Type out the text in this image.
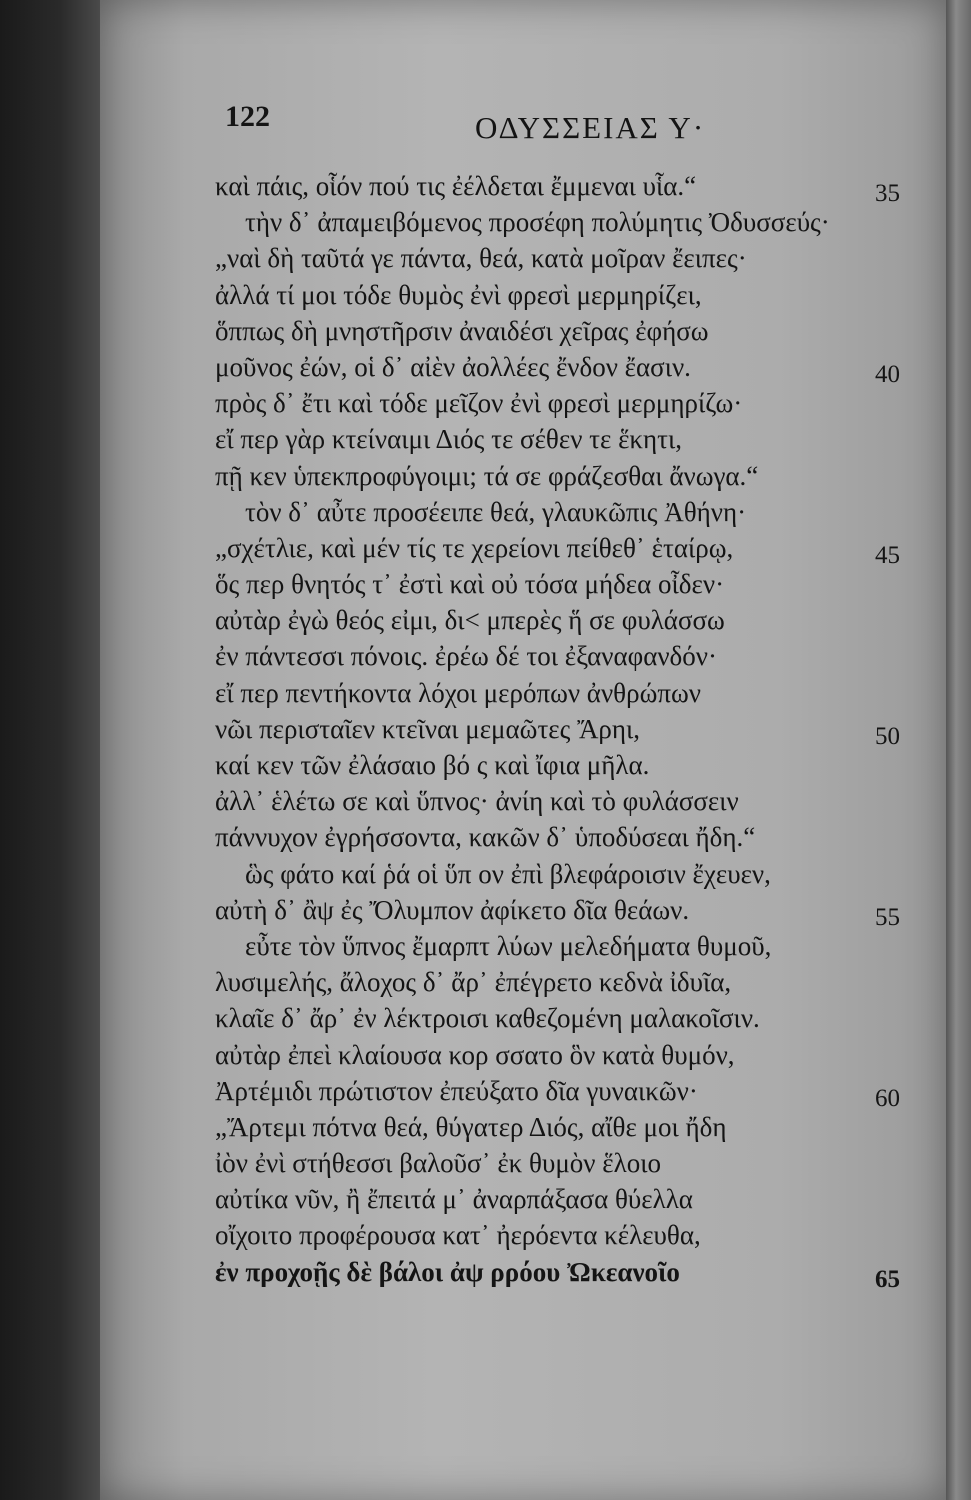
122	ΟΔΥΣΣΕΙΑΣ Υ·
καὶ πάις, οἷόν πού τις ἐέλδεται ἔμμεναι υἷα.“	35
τὴν δ᾽ ἀπαμειβόμενος προσέφη πολύμητις Ὀδυσσεύς·
„ναὶ δὴ ταῦτά γε πάντα, θεά, κατὰ μοῖραν ἔειπες·
ἀλλά τί μοι τόδε θυμὸς ἐνὶ φρεσὶ μερμηρίζει,
ὅππως δὴ μνηστῆρσιν ἀναιδέσι χεῖρας ἐφήσω
μοῦνος ἐών, οἱ δ᾽ αἰὲν ἀολλέες ἔνδον ἔασιν.	40
πρὸς δ᾽ ἔτι καὶ τόδε μεῖζον ἐνὶ φρεσὶ μερμηρίζω·
εἴ περ γὰρ κτείναιμι Διός τε σέθεν τε ἕκητι,
πῇ κεν ὑπεκπροφύγοιμι; τά σε φράζεσθαι ἄνωγα.“
τὸν δ᾽ αὖτε προσέειπε θεά, γλαυκῶπις Ἀθήνη·
„σχέτλιε, καὶ μέν τίς τε χερείονι πείθεθ᾽ ἑταίρῳ,	45
ὅς περ θνητός τ᾽ ἐστὶ καὶ οὐ τόσα μήδεα οἶδεν·
αὐτὰρ ἐγὼ θεός εἰμι, δι< μπερὲς ἥ σε φυλάσσω
ἐν πάντεσσι πόνοις. ἐρέω δέ τοι ἐξαναφανδόν·
εἴ περ πεντήκοντα λόχοι μερόπων ἀνθρώπων
νῶι περισταῖεν κτεῖναι μεμαῶτες Ἄρηι,	50
καί κεν τῶν ἐλάσαιο βό ς καὶ ἴφια μῆλα.
ἀλλ᾽ ἑλέτω σε καὶ ὕπνος· ἀνίη καὶ τὸ φυλάσσειν
πάννυχον ἐγρήσσοντα, κακῶν δ᾽ ὑποδύσεαι ἤδη.“
ὣς φάτο καί ῥά οἱ ὕπ ον ἐπὶ βλεφάροισιν ἔχευεν,
αὐτὴ δ᾽ ἂψ ἐς Ὄλυμπον ἀφίκετο δῖα θεάων.	55
εὖτε τὸν ὕπνος ἔμαρπτ λύων μελεδήματα θυμοῦ,
λυσιμελής, ἄλοχος δ᾽ ἄρ᾽ ἐπέγρετο κεδνὰ ἰδυῖα,
κλαῖε δ᾽ ἄρ᾽ ἐν λέκτροισι καθεζομένη μαλακοῖσιν.
αὐτὰρ ἐπεὶ κλαίουσα κορ σσατο ὃν κατὰ θυμόν,
Ἀρτέμιδι πρώτιστον ἐπεύξατο δῖα γυναικῶν·	60
„Ἄρτεμι πότνα θεά, θύγατερ Διός, αἴθε μοι ἤδη
ἰὸν ἐνὶ στήθεσσι βαλοῦσ᾽ ἐκ θυμὸν ἕλοιο
αὐτίκα νῦν, ἢ ἔπειτά μ᾽ ἀναρπάξασα θύελλα
οἴχοιτο προφέρουσα κατ᾽ ἠερόεντα κέλευθα,
ἐν προχοῇς δὲ βάλοι ἀψ ρρόου Ὠκεανοῖο	65
